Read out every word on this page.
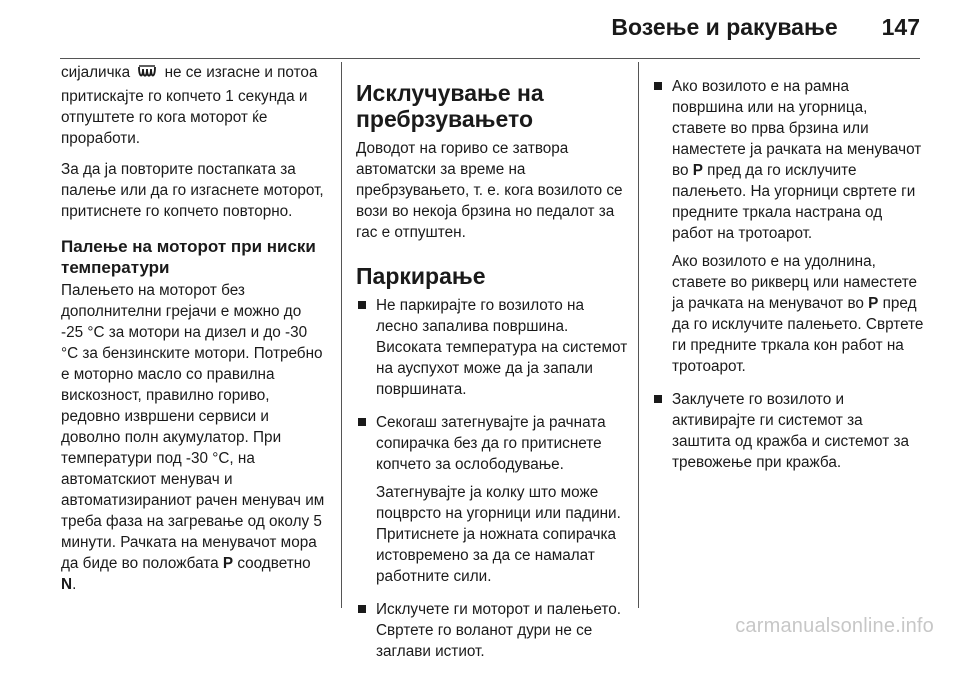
Возење и ракување 147

сијаличка не се изгасне и потоа притискајте го копчето 1 секунда и отпуштете го кога моторот ќе проработи.

За да ја повторите постапката за палење или да го изгаснете моторот, притиснете го копчето повторно.

Палење на моторот при ниски температури

Палењето на моторот без дополнителни грејачи е можно до -25 °C за мотори на дизел и до -30 °C за бензинските мотори. Потребно е моторно масло со правилна вискозност, правилно гориво, редовно извршени сервиси и доволно полн акумулатор. При температури под -30 °C, на автоматскиот менувач и автоматизираниот рачен менувач им треба фаза на загревање од околу 5 минути. Рачката на менувачот мора да биде во положбата P соодветно N.

Исклучување на пребрзувањето

Доводот на гориво се затвора автоматски за време на пребрзувањето, т. е. кога возилото се вози во некоја брзина но педалот за гас е отпуштен.

Паркирање
Не паркирајте го возилото на лесно запалива површина. Високата температура на системот на ауспухот може да ја запали површината.
Секогаш затегнувајте ја рачната сопирачка без да го притиснете копчето за ослободување.
Затегнувајте ја колку што може поцврсто на угорници или падини. Притиснете ја ножната сопирачка истовремено за да се намалат работните сили.
Исклучете ги моторот и палењето. Свртете го воланот дури не се заглави истиот.
Ако возилото е на рамна површина или на угорница, ставете во прва брзина или наместете ја рачката на менувачот во P пред да го исклучите палењето. На угорници свртете ги предните тркала настрана од работ на тротоарот.
Ако возилото е на удолнина, ставете во рикверц или наместете ја рачката на менувачот во P пред да го исклучите палењето. Свртете ги предните тркала кон работ на тротоарот.
Заклучете го возилото и активирајте ги системот за заштита од кражба и системот за тревожење при кражба.
carmanualsonline.info
